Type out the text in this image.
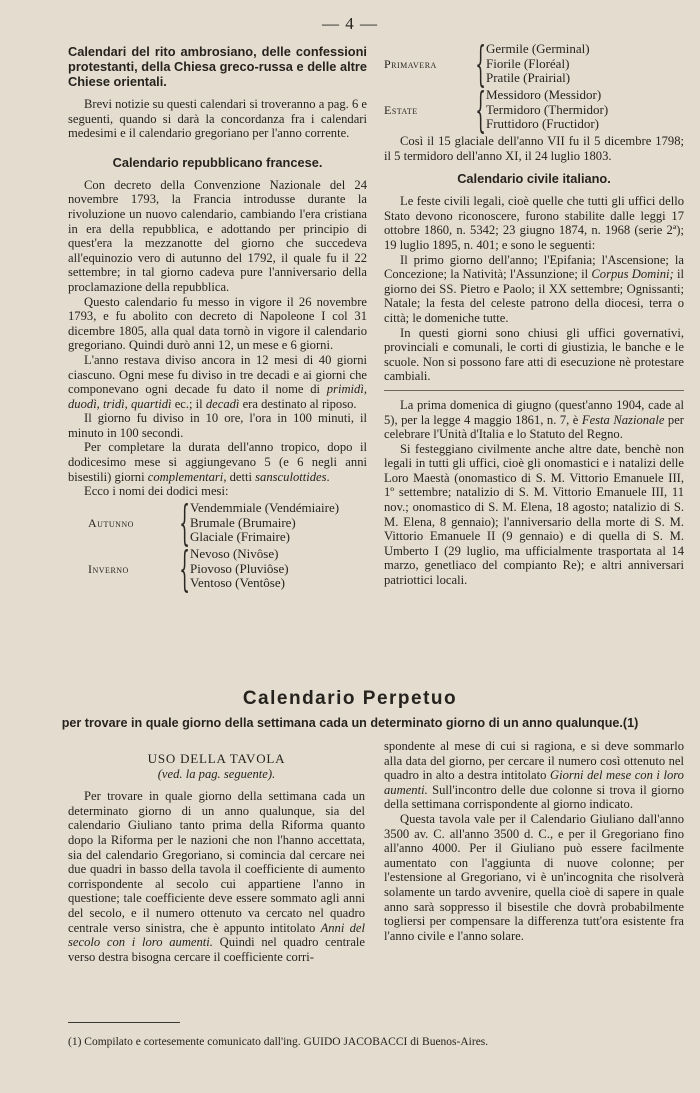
— 4 —
Calendari del rito ambrosiano, delle confessioni protestanti, della Chiesa greco-russa e delle altre Chiese orientali.

Brevi notizie su questi calendari si troveranno a pag. 6 e seguenti, quando si darà la concordanza fra i calendari medesimi e il calendario gregoriano per l'anno corrente.

Calendario repubblicano francese.

Con decreto della Convenzione Nazionale del 24 novembre 1793, la Francia introdusse durante la rivoluzione un nuovo calendario, cambiando l'era cristiana in era della repubblica, e adottando per principio di quest'era la mezzanotte del giorno che succedeva all'equinozio vero di autunno del 1792, il quale fu il 22 settembre; in tal giorno cadeva pure l'anniversario della proclamazione della repubblica.

Questo calendario fu messo in vigore il 26 novembre 1793, e fu abolito con decreto di Napoleone I col 31 dicembre 1805, alla qual data tornò in vigore il calendario gregoriano. Quindi durò anni 12, un mese e 6 giorni.

L'anno restava diviso ancora in 12 mesi di 40 giorni ciascuno. Ogni mese fu diviso in tre decadi e ai giorni che componevano ogni decade fu dato il nome di primidì, duodì, tridì, quartidì ec.; il decadì era destinato al riposo.

Il giorno fu diviso in 10 ore, l'ora in 100 minuti, il minuto in 100 secondi.

Per completare la durata dell'anno tropico, dopo il dodicesimo mese si aggiungevano 5 (e 6 negli anni bisestili) giorni complementari, detti sansculottides.

Ecco i nomi dei dodici mesi:

Autunno { Vendemmiale (Vendémiaire)
Brumale (Brumaire)
Glaciale (Frimaire)
Inverno	{ Nevoso (Nivôse)
Piovoso (Pluviôse)
Ventoso (Ventôse)
Primavera { Germile (Germinal)
Fiorile (Floréal)
Pratile (Prairial)
Estate	{ Messidoro (Messidor)
Termidoro (Thermidor)
Fruttidoro (Fructidor)

Così il 15 glaciale dell'anno VII fu il 5 dicembre 1798; il 5 termidoro dell'anno XI, il 24 luglio 1803.

Calendario civile italiano.

Le feste civili legali, cioè quelle che tutti gli uffici dello Stato devono riconoscere, furono stabilite dalle leggi 17 ottobre 1860, n. 5342; 23 giugno 1874, n. 1968 (serie 2ª); 19 luglio 1895, n. 401; e sono le seguenti:

Il primo giorno dell'anno; l'Epifania; l'Ascensione; la Concezione; la Natività; l'Assunzione; il Corpus Domini; il giorno dei SS. Pietro e Paolo; il XX settembre; Ognissanti; Natale; la festa del celeste patrono della diocesi, terra o città; le domeniche tutte.

In questi giorni sono chiusi gli uffici governativi, provinciali e comunali, le corti di giustizia, le banche e le scuole. Non si possono fare atti di esecuzione nè protestare cambiali.

La prima domenica di giugno (quest'anno 1904, cade al 5), per la legge 4 maggio 1861, n. 7, è Festa Nazionale per celebrare l'Unità d'Italia e lo Statuto del Regno.

Si festeggiano civilmente anche altre date, benchè non legali in tutti gli uffici, cioè gli onomastici e i natalizi delle Loro Maestà (onomastico di S. M. Vittorio Emanuele III, 1º settembre; natalizio di S. M. Vittorio Emanuele III, 11 nov.; onomastico di S. M. Elena, 18 agosto; natalizio di S. M. Elena, 8 gennaio); l'anniversario della morte di S. M. Vittorio Emanuele II (9 gennaio) e di quella di S. M. Umberto I (29 luglio, ma ufficialmente trasportata al 14 marzo, genetliaco del compianto Re); e altri anniversari patriottici locali.

Calendario Perpetuo
per trovare in quale giorno della settimana cada un determinato giorno di un anno qualunque.(1)
USO DELLA TAVOLA
(ved. la pag. seguente).

Per trovare in quale giorno della settimana cada un determinato giorno di un anno qualunque, sia del calendario Giuliano tanto prima della Riforma quanto dopo la Riforma per le nazioni che non l'hanno accettata, sia del calendario Gregoriano, si comincia dal cercare nei due quadri in basso della tavola il coefficiente di aumento corrispondente al secolo cui appartiene l'anno in questione; tale coefficiente deve essere sommato agli anni del secolo, e il numero ottenuto va cercato nel quadro centrale verso sinistra, che è appunto intitolato Anni del secolo con i loro aumenti. Quindi nel quadro centrale verso destra bisogna cercare il coefficiente corri-

spondente al mese di cui si ragiona, e si deve sommarlo alla data del giorno, per cercare il numero così ottenuto nel quadro in alto a destra intitolato Giorni del mese con i loro aumenti. Sull'incontro delle due colonne si trova il giorno della settimana corrispondente al giorno indicato.

Questa tavola vale per il Calendario Giuliano dall'anno 3500 av. C. all'anno 3500 d. C., e per il Gregoriano fino all'anno 4000. Per il Giuliano può essere facilmente aumentato con l'aggiunta di nuove colonne; per l'estensione al Gregoriano, vi è un'incognita che risolverà solamente un tardo avvenire, quella cioè di sapere in quale anno sarà soppresso il bisestile che dovrà probabilmente togliersi per compensare la differenza tutt'ora esistente fra l'anno civile e l'anno solare.

(1) Compilato e cortesemente comunicato dall'ing. GUIDO JACOBACCI di Buenos-Aires.
